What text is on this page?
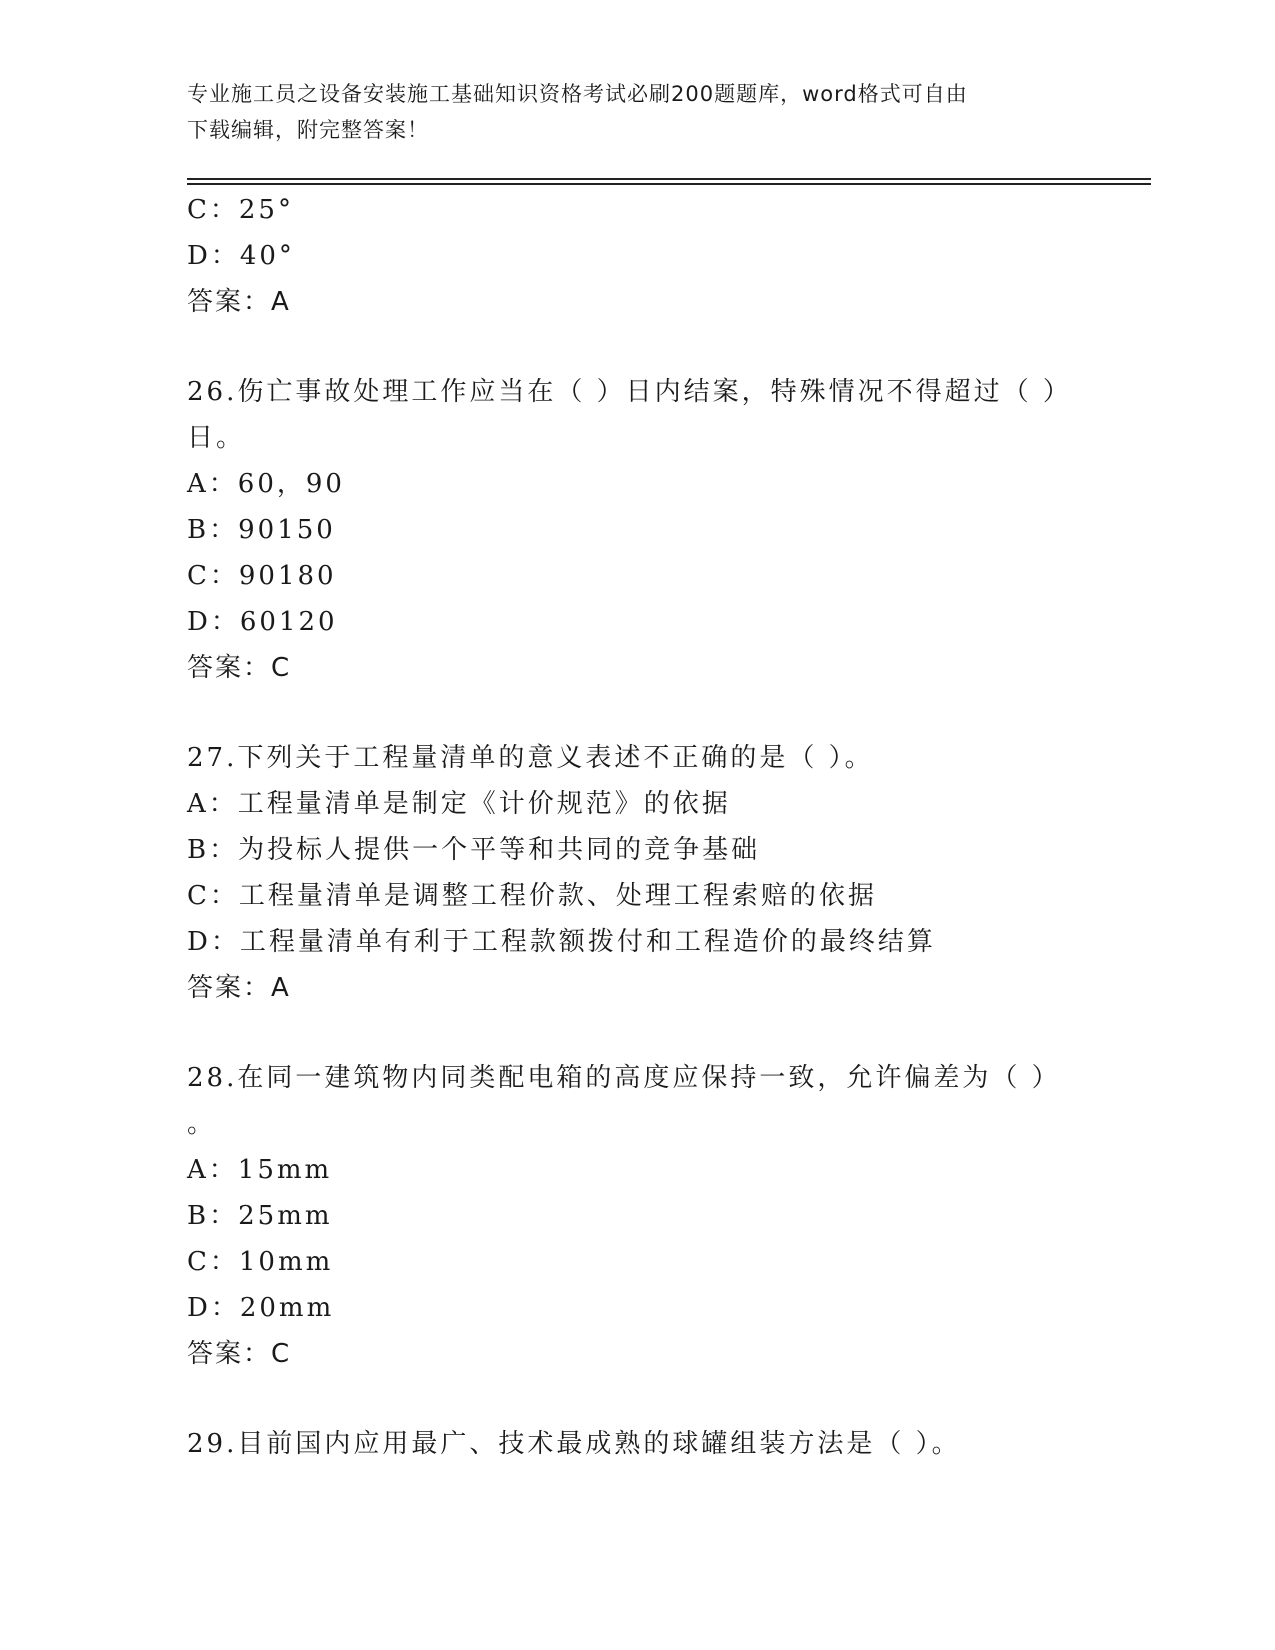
专业施工员之设备安装施工基础知识资格考试必刷200题题库，word格式可自由
下载编辑，附完整答案！
C：25°
D：40°
答案：A
26.伤亡事故处理工作应当在（ ）日内结案，特殊情况不得超过（ ）
日。
A：60，90
B：90150
C：90180
D：60120
答案：C
27.下列关于工程量清单的意义表述不正确的是（ ）。
A：工程量清单是制定《计价规范》的依据
B：为投标人提供一个平等和共同的竞争基础
C：工程量清单是调整工程价款、处理工程索赔的依据
D：工程量清单有利于工程款额拨付和工程造价的最终结算
答案：A
28.在同一建筑物内同类配电箱的高度应保持一致，允许偏差为（ ）
。
A：15mm
B：25mm
C：10mm
D：20mm
答案：C
29.目前国内应用最广、技术最成熟的球罐组装方法是（ ）。
